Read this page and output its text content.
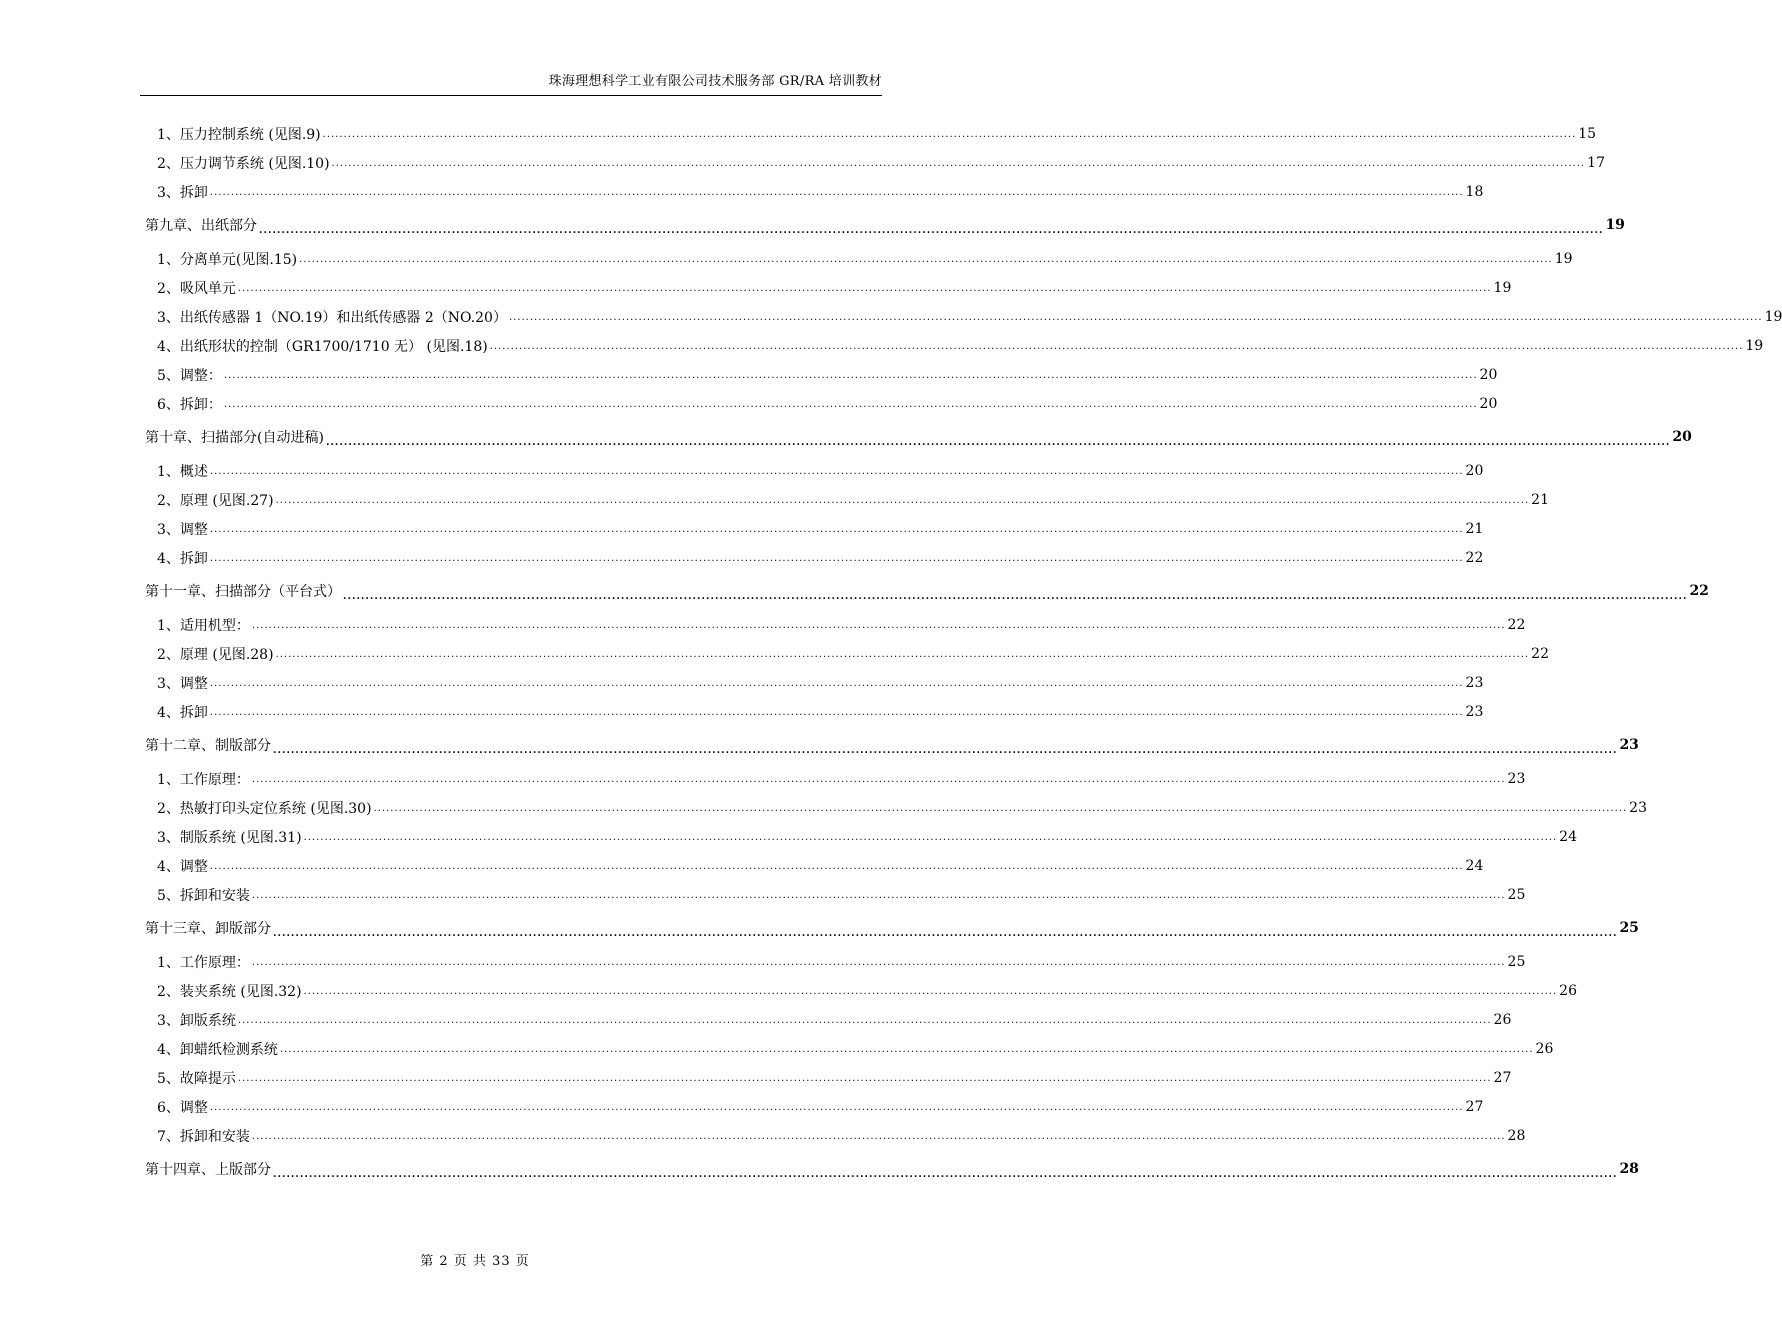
珠海理想科学工业有限公司技术服务部 GR/RA 培训教材
1、压力控制系统 (见图.9) ............................................................................................................................................................................................................................................................................................................ 15
2、压力调节系统 (见图.10) ............................................................................................................................................................................................................................................................................................................ 17
3、拆卸 ............................................................................................................................................................................................................................................................................................................ 18
第九章、出纸部分 ............................................................................................................................................................................................................................................................................................................ 19
1、分离单元(见图.15) ............................................................................................................................................................................................................................................................................................................ 19
2、吸风单元 ............................................................................................................................................................................................................................................................................................................ 19
3、出纸传感器 1（NO.19）和出纸传感器 2（NO.20） ............................................................................................................................................................................................................................................................................................................ 19
4、出纸形状的控制（GR1700/1710 无） (见图.18) ............................................................................................................................................................................................................................................................................................................ 19
5、调整： ............................................................................................................................................................................................................................................................................................................ 20
6、拆卸： ............................................................................................................................................................................................................................................................................................................ 20
第十章、扫描部分(自动进稿) ............................................................................................................................................................................................................................................................................................................ 20
1、概述 ............................................................................................................................................................................................................................................................................................................ 20
2、原理 (见图.27) ............................................................................................................................................................................................................................................................................................................ 21
3、调整 ............................................................................................................................................................................................................................................................................................................ 21
4、拆卸 ............................................................................................................................................................................................................................................................................................................ 22
第十一章、扫描部分（平台式） ............................................................................................................................................................................................................................................................................................................ 22
1、适用机型： ............................................................................................................................................................................................................................................................................................................ 22
2、原理 (见图.28) ............................................................................................................................................................................................................................................................................................................ 22
3、调整 ............................................................................................................................................................................................................................................................................................................ 23
4、拆卸 ............................................................................................................................................................................................................................................................................................................ 23
第十二章、制版部分 ............................................................................................................................................................................................................................................................................................................ 23
1、工作原理： ............................................................................................................................................................................................................................................................................................................ 23
2、热敏打印头定位系统 (见图.30) ............................................................................................................................................................................................................................................................................................................ 23
3、制版系统 (见图.31) ............................................................................................................................................................................................................................................................................................................ 24
4、调整 ............................................................................................................................................................................................................................................................................................................ 24
5、拆卸和安装 ............................................................................................................................................................................................................................................................................................................ 25
第十三章、卸版部分 ............................................................................................................................................................................................................................................................................................................ 25
1、工作原理： ............................................................................................................................................................................................................................................................................................................ 25
2、装夹系统 (见图.32) ............................................................................................................................................................................................................................................................................................................ 26
3、卸版系统 ............................................................................................................................................................................................................................................................................................................ 26
4、卸蜡纸检测系统 ............................................................................................................................................................................................................................................................................................................ 26
5、故障提示 ............................................................................................................................................................................................................................................................................................................ 27
6、调整 ............................................................................................................................................................................................................................................................................................................ 27
7、拆卸和安装 ............................................................................................................................................................................................................................................................................................................ 28
第十四章、上版部分 ............................................................................................................................................................................................................................................................................................................ 28
第 2 页 共 33 页
